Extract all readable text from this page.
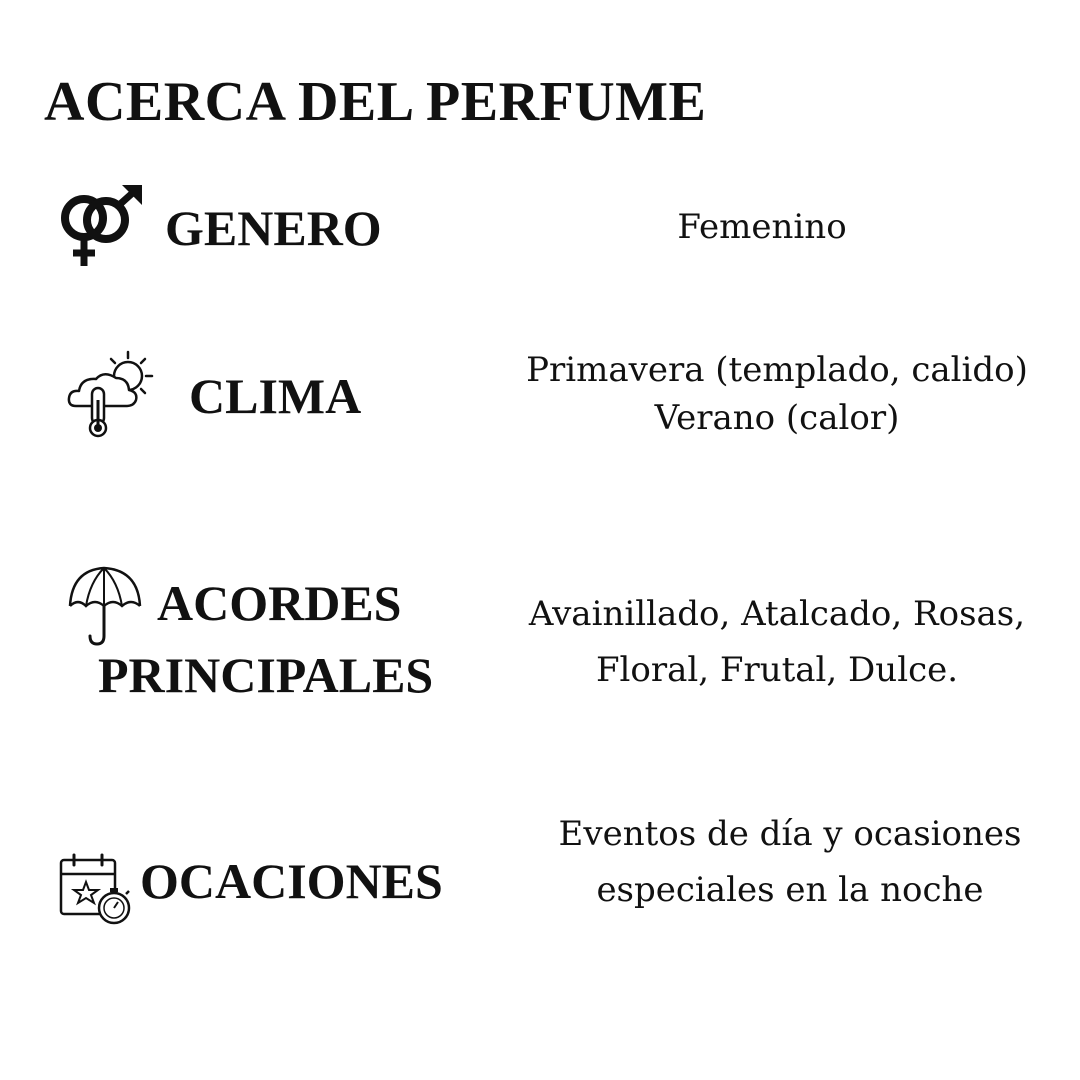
ACERCA DEL PERFUME
GENERO	Femenino
CLIMA	Primavera (templado, calido)
Verano (calor)
ACORDES
PRINCIPALES
Avainillado, Atalcado, Rosas,
Floral, Frutal, Dulce.
OCACIONES
Eventos de día y ocasiones
especiales en la noche
